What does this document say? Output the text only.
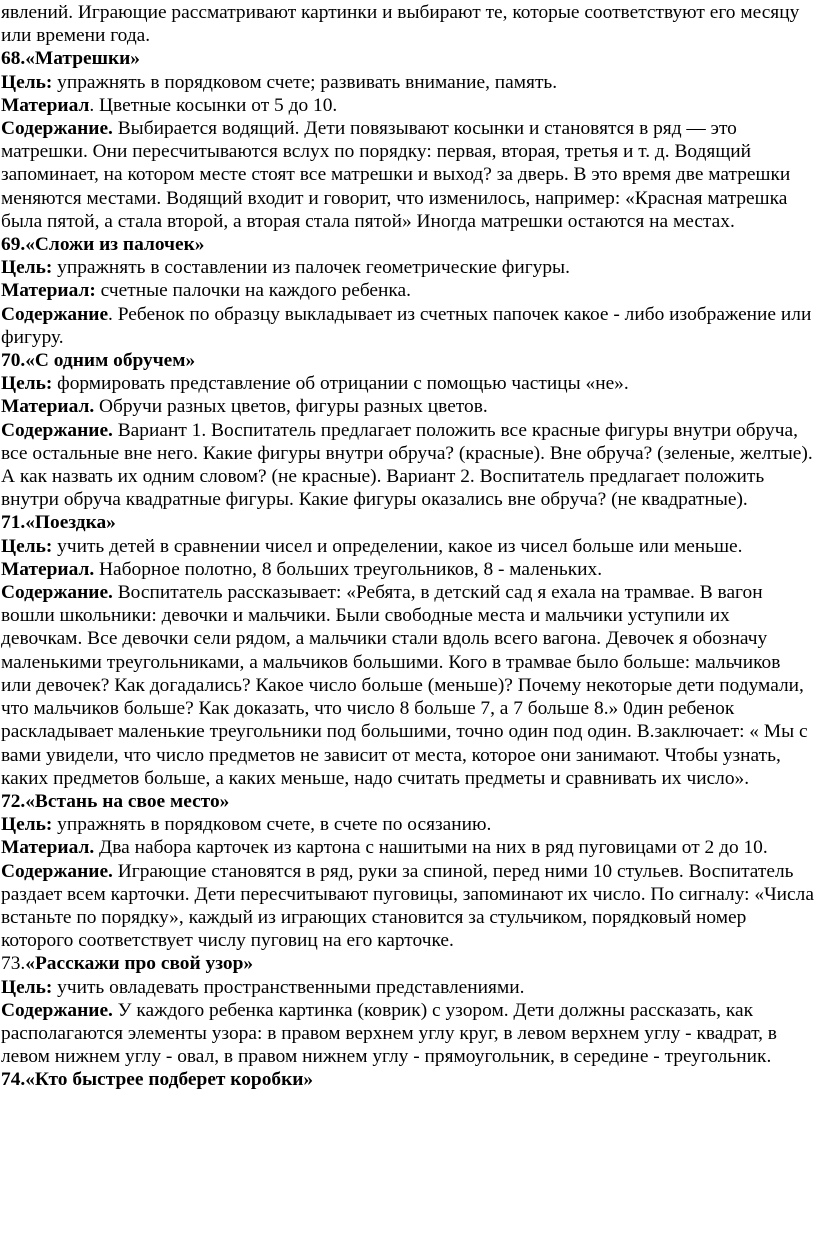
явлений. Играющие рассматривают картинки и выбирают те, которые соответствуют его месяцу или времени года.

68.«Матрешки»

Цель: упражнять в порядковом счете; развивать внимание, память.

Материал. Цветные косынки от 5 до 10.

Содержание. Выбирается водящий. Дети повязывают косынки и становятся в ряд — это матрешки. Они пересчитываются вслух по порядку: первая, вторая, третья и т. д. Водящий запоминает, на котором месте стоят все матрешки и выход? за дверь. В это время две матрешки меняются местами. Водящий входит и говорит, что изменилось, например: «Красная матрешка была пятой, а стала второй, а вторая стала пятой» Иногда матрешки остаются на местах.

69.«Сложи из палочек»

Цель: упражнять в составлении из палочек геометрические фигуры.

Материал: счетные палочки на каждого ребенка.

Содержание. Ребенок по образцу выкладывает из счетных папочек какое - либо изображение или фигуру.

70.«С одним обручем»

Цель: формировать представление об отрицании с помощью частицы «не».

Материал. Обручи разных цветов, фигуры разных цветов.

Содержание. Вариант 1. Воспитатель предлагает положить все красные фигуры внутри обруча, все остальные вне него. Какие фигуры внутри обруча? (красные). Вне обруча? (зеленые, желтые). А как назвать их одним словом? (не красные). Вариант 2. Воспитатель предлагает положить внутри обруча квадратные фигуры. Какие фигуры оказались вне обруча? (не квадратные).

71.«Поездка»

Цель: учить детей в сравнении чисел и определении, какое из чисел больше или меньше.

Материал. Наборное полотно, 8 больших треугольников, 8 - маленьких.

Содержание. Воспитатель рассказывает: «Ребята, в детский сад я ехала на трамвае. В вагон вошли школьники: девочки и мальчики. Были свободные места и мальчики уступили их девочкам. Все девочки сели рядом, а мальчики стали вдоль всего вагона. Девочек я обозначу маленькими треугольниками, а мальчиков большими. Кого в трамвае было больше: мальчиков или девочек? Как догадались? Какое число больше (меньше)? Почему некоторые дети подумали, что мальчиков больше? Как доказать, что число 8 больше 7, а 7 больше 8.» 0дин ребенок раскладывает маленькие треугольники под большими, точно один под один. В.заключает: « Мы с вами увидели, что число предметов не зависит от места, которое они занимают. Чтобы узнать, каких предметов больше, а каких меньше, надо считать предметы и сравнивать их число».

72.«Встань на свое место»

Цель: упражнять в порядковом счете, в счете по осязанию.

Материал. Два набора карточек из картона с нашитыми на них в ряд пуговицами от 2 до 10.

Содержание. Играющие становятся в ряд, руки за спиной, перед ними 10 стульев. Воспитатель раздает всем карточки. Дети пересчитывают пуговицы, запоминают их число. По сигналу: «Числа встаньте по порядку», каждый из играющих становится за стульчиком, порядковый номер которого соответствует числу пуговиц на его карточке.

73.«Расскажи про свой узор»

Цель: учить овладевать пространственными представлениями.

Содержание. У каждого ребенка картинка (коврик) с узором. Дети должны рассказать, как располагаются элементы узора: в правом верхнем углу круг, в левом верхнем углу - квадрат, в левом нижнем углу - овал, в правом нижнем углу - прямоугольник, в середине - треугольник.

74.«Кто быстрее подберет коробки»
